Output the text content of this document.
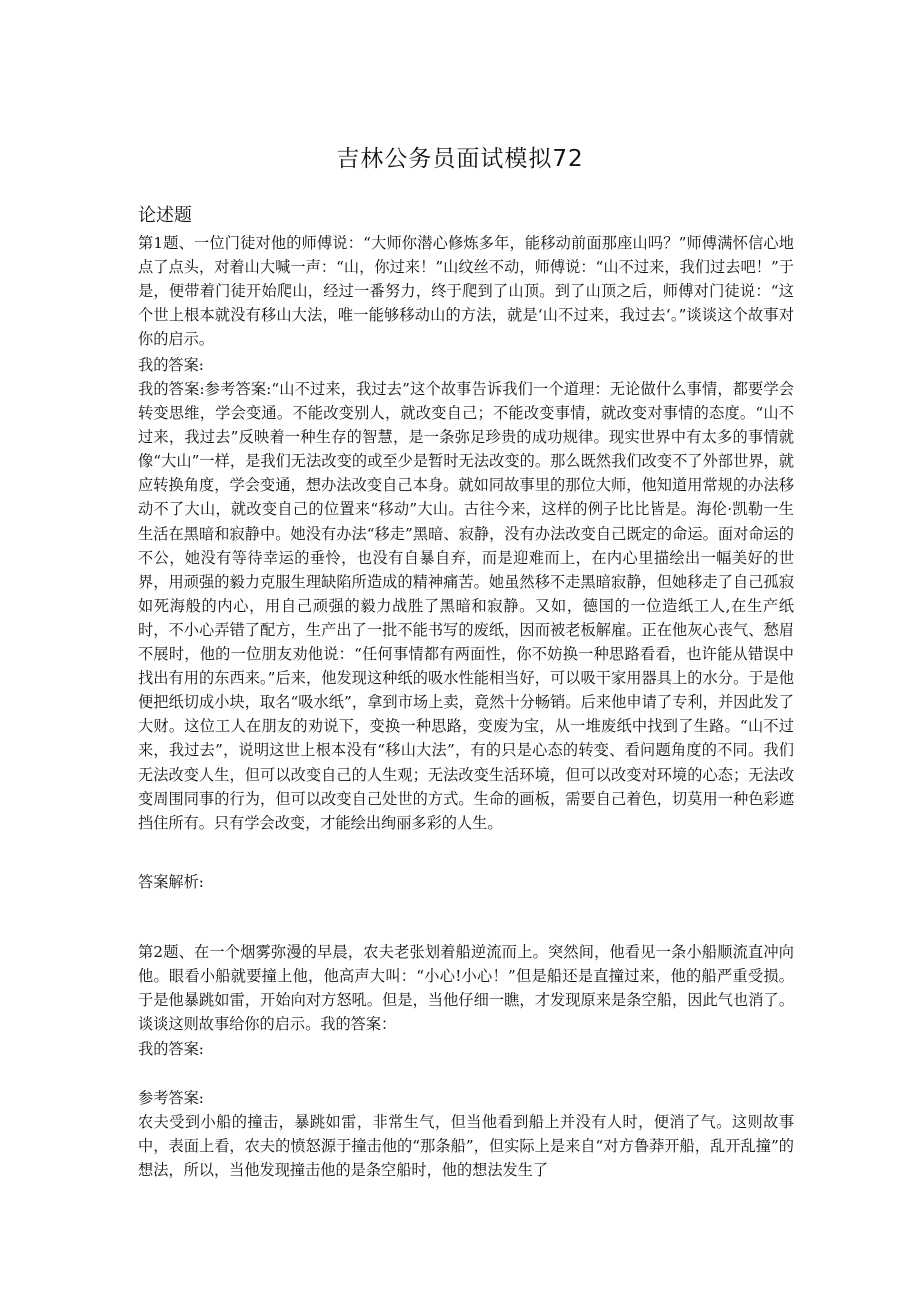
吉林公务员面试模拟72
论述题
第1题、一位门徒对他的师傅说：“大师你潜心修炼多年，能移动前面那座山吗？”师傅满怀信心地点了点头，对着山大喊一声：“山，你过来！”山纹丝不动，师傅说：“山不过来，我们过去吧！”于是，便带着门徒开始爬山，经过一番努力，终于爬到了山顶。到了山顶之后，师傅对门徒说：“这个世上根本就没有移山大法，唯一能够移动山的方法，就是‘山不过来，我过去‘。”谈谈这个故事对你的启示。
我的答案:
我的答案:参考答案:“山不过来，我过去”这个故事告诉我们一个道理：无论做什么事情，都要学会转变思维，学会变通。不能改变别人，就改变自己；不能改变事情，就改变对事情的态度。“山不过来，我过去”反映着一种生存的智慧，是一条弥足珍贵的成功规律。现实世界中有太多的事情就像“大山”一样，是我们无法改变的或至少是暂时无法改变的。那么既然我们改变不了外部世界，就应转换角度，学会变通，想办法改变自己本身。就如同故事里的那位大师，他知道用常规的办法移动不了大山，就改变自己的位置来“移动”大山。古往今来，这样的例子比比皆是。海伦·凯勒一生生活在黑暗和寂静中。她没有办法“移走”黑暗、寂静，没有办法改变自己既定的命运。面对命运的不公，她没有等待幸运的垂怜，也没有自暴自弃，而是迎难而上，在内心里描绘出一幅美好的世界，用顽强的毅力克服生理缺陷所造成的精神痛苦。她虽然移不走黑暗寂静，但她移走了自己孤寂如死海般的内心，用自己顽强的毅力战胜了黑暗和寂静。又如，德国的一位造纸工人,在生产纸时，不小心弄错了配方，生产出了一批不能书写的废纸，因而被老板解雇。正在他灰心丧气、愁眉不展时，他的一位朋友劝他说：“任何事情都有两面性，你不妨换一种思路看看，也许能从错误中找出有用的东西来。”后来，他发现这种纸的吸水性能相当好，可以吸干家用器具上的水分。于是他便把纸切成小块，取名“吸水纸”，拿到市场上卖，竟然十分畅销。后来他申请了专利，并因此发了大财。这位工人在朋友的劝说下，变换一种思路，变废为宝，从一堆废纸中找到了生路。“山不过来，我过去”，说明这世上根本没有“移山大法”，有的只是心态的转变、看问题角度的不同。我们无法改变人生，但可以改变自己的人生观；无法改变生活环境，但可以改变对环境的心态；无法改变周围同事的行为，但可以改变自己处世的方式。生命的画板，需要自己着色，切莫用一种色彩遮挡住所有。只有学会改变，才能绘出绚丽多彩的人生。
答案解析:
第2题、在一个烟雾弥漫的早晨，农夫老张划着船逆流而上。突然间，他看见一条小船顺流直冲向他。眼看小船就要撞上他，他高声大叫：“小心!小心！”但是船还是直撞过来，他的船严重受损。于是他暴跳如雷，开始向对方怒吼。但是，当他仔细一瞧，才发现原来是条空船，因此气也消了。谈谈这则故事给你的启示。我的答案：
我的答案:
参考答案:
农夫受到小船的撞击，暴跳如雷，非常生气，但当他看到船上并没有人时，便消了气。这则故事中，表面上看，农夫的愤怒源于撞击他的“那条船”，但实际上是来自“对方鲁莽开船，乱开乱撞”的想法，所以，当他发现撞击他的是条空船时，他的想法发生了
